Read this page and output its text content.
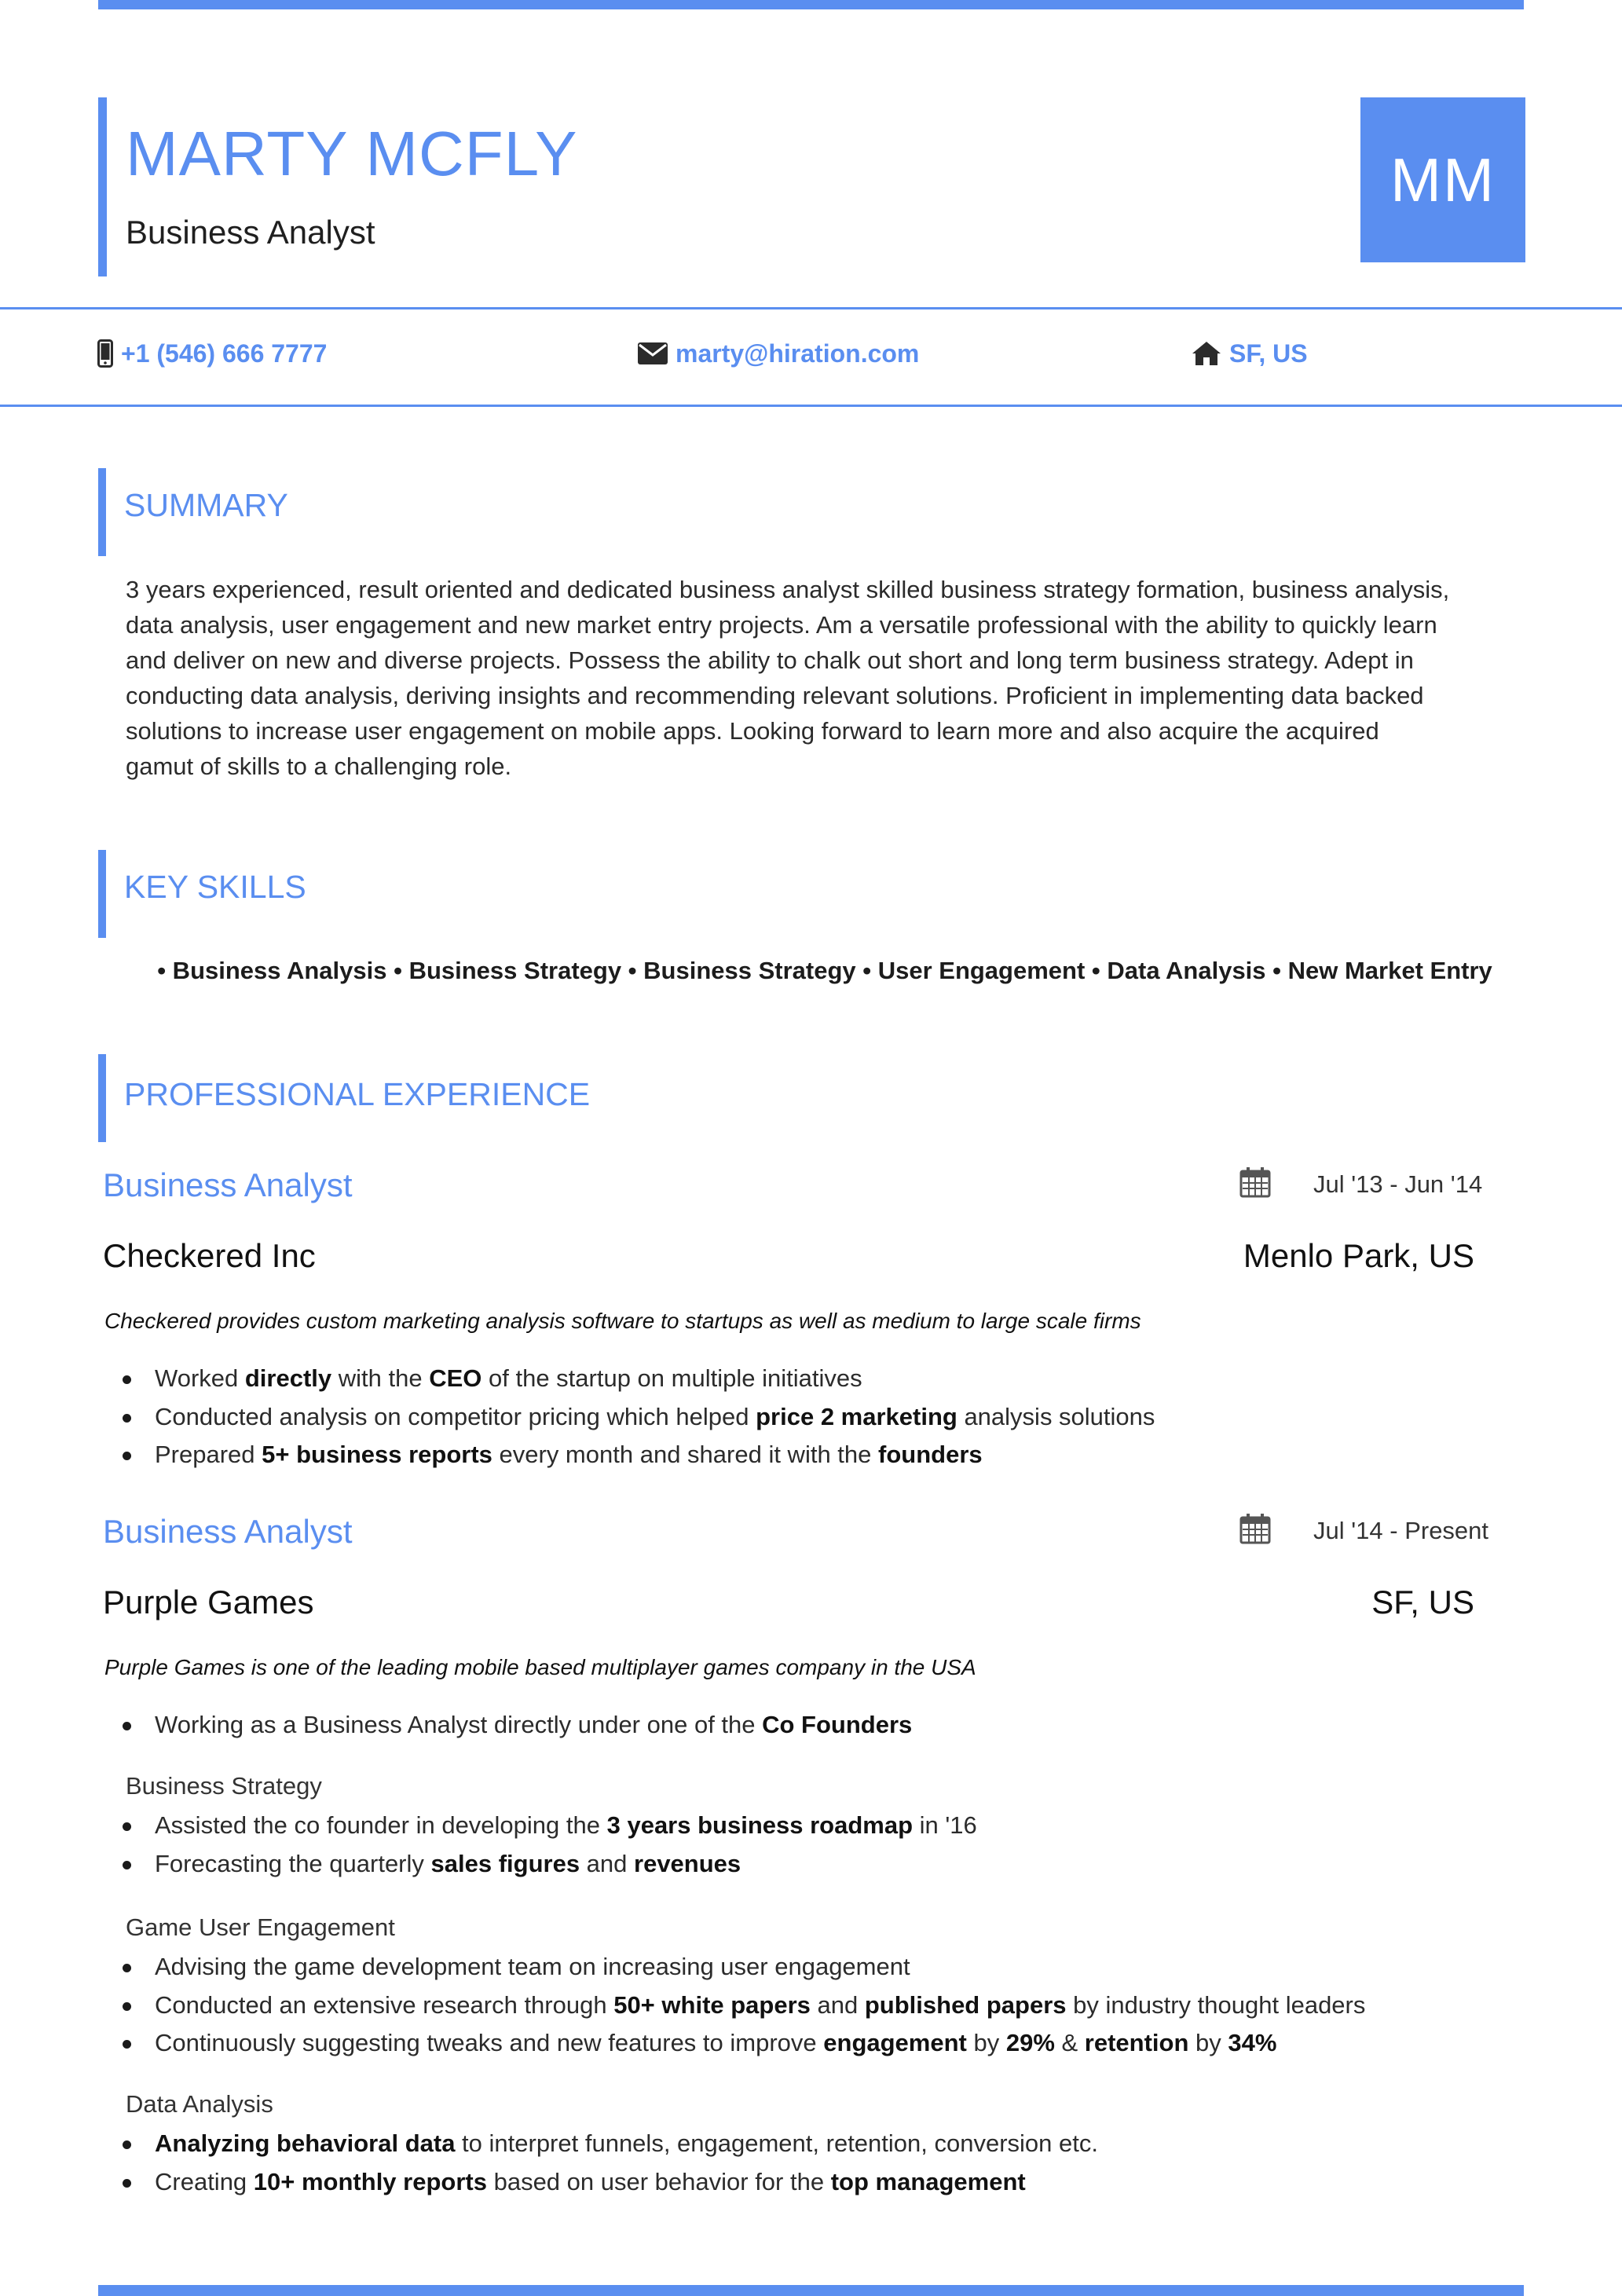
MARTY MCFLY
Business Analyst
MM
+1 (546) 666 7777	marty@hiration.com	SF, US
SUMMARY
3 years experienced, result oriented and dedicated business analyst skilled business strategy formation, business analysis,
data analysis, user engagement and new market entry projects. Am a versatile professional with the ability to quickly learn
and deliver on new and diverse projects. Possess the ability to chalk out short and long term business strategy. Adept in
conducting data analysis, deriving insights and recommending relevant solutions. Proficient in implementing data backed
solutions to increase user engagement on mobile apps. Looking forward to learn more and also acquire the acquired
gamut of skills to a challenging role.
KEY SKILLS
• Business Analysis • Business Strategy • Business Strategy • User Engagement • Data Analysis • New Market Entry
PROFESSIONAL EXPERIENCE
Business Analyst	Jul '13 - Jun '14
Checkered Inc	Menlo Park, US
Checkered provides custom marketing analysis software to startups as well as medium to large scale firms
Worked directly with the CEO of the startup on multiple initiatives
Conducted analysis on competitor pricing which helped price 2 marketing analysis solutions
Prepared 5+ business reports every month and shared it with the founders
Business Analyst	Jul '14 - Present
Purple Games	SF, US
Purple Games is one of the leading mobile based multiplayer games company in the USA
Working as a Business Analyst directly under one of the Co Founders
Business Strategy
Assisted the co founder in developing the 3 years business roadmap in '16
Forecasting the quarterly sales figures and revenues
Game User Engagement
Advising the game development team on increasing user engagement
Conducted an extensive research through 50+ white papers and published papers by industry thought leaders
Continuously suggesting tweaks and new features to improve engagement by 29% & retention by 34%
Data Analysis
Analyzing behavioral data to interpret funnels, engagement, retention, conversion etc.
Creating 10+ monthly reports based on user behavior for the top management
